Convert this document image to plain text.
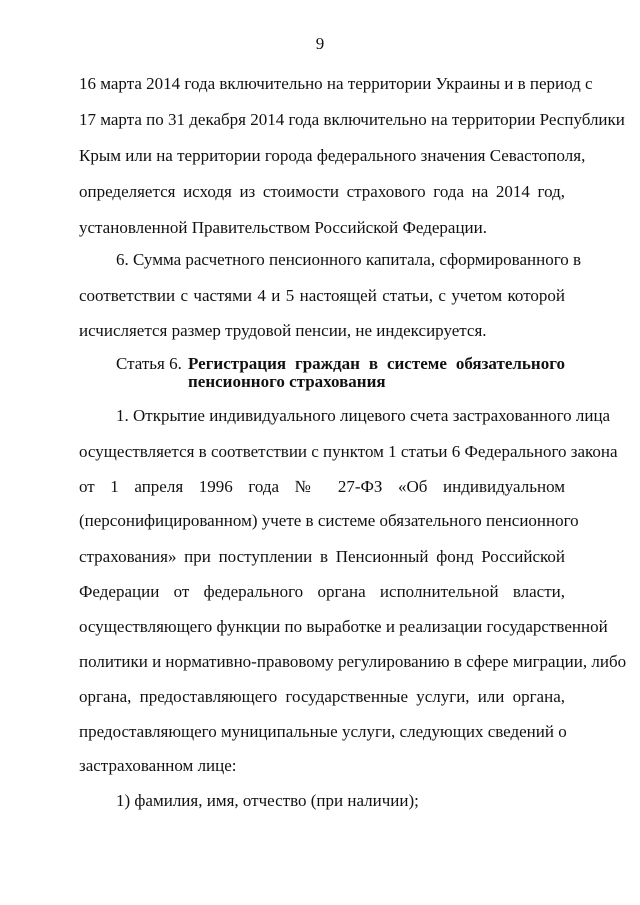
9
16 марта 2014 года включительно на территории Украины и в период с
17 марта по 31 декабря 2014 года включительно на территории Республики
Крым или на территории города федерального значения Севастополя,
определяется исходя из стоимости страхового года на 2014 год,
установленной Правительством Российской Федерации.
6. Сумма расчетного пенсионного капитала, сформированного в
соответствии с частями 4 и 5 настоящей статьи, с учетом которой
исчисляется размер трудовой пенсии, не индексируется.
Статья 6. Регистрация граждан в системе обязательного
пенсионного страхования
1. Открытие индивидуального лицевого счета застрахованного лица
осуществляется в соответствии с пунктом 1 статьи 6 Федерального закона
от 1 апреля 1996 года № 27-ФЗ «Об индивидуальном
(персонифицированном) учете в системе обязательного пенсионного
страхования» при поступлении в Пенсионный фонд Российской
Федерации от федерального органа исполнительной власти,
осуществляющего функции по выработке и реализации государственной
политики и нормативно-правовому регулированию в сфере миграции, либо
органа, предоставляющего государственные услуги, или органа,
предоставляющего муниципальные услуги, следующих сведений о
застрахованном лице:
1) фамилия, имя, отчество (при наличии);
